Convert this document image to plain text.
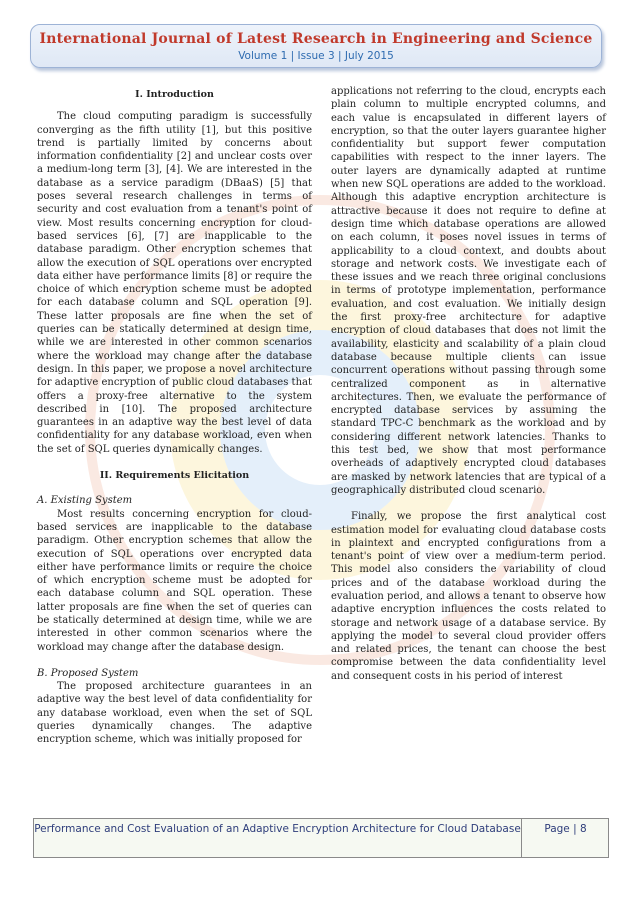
International Journal of Latest Research in Engineering and Science
Volume 1 | Issue 3 | July 2015
I. Introduction

The cloud computing paradigm is successfully converging as the fifth utility [1], but this positive trend is partially limited by concerns about information confidentiality [2] and unclear costs over a medium-long term [3], [4]. We are interested in the database as a service paradigm (DBaaS) [5] that poses several research challenges in terms of security and cost evaluation from a tenant's point of view. Most results concerning encryption for cloud-based services [6], [7] are inapplicable to the database paradigm. Other encryption schemes that allow the execution of SQL operations over encrypted data either have performance limits [8] or require the choice of which encryption scheme must be adopted for each database column and SQL operation [9]. These latter proposals are fine when the set of queries can be statically determined at design time, while we are interested in other common scenarios where the workload may change after the database design. In this paper, we propose a novel architecture for adaptive encryption of public cloud databases that offers a proxy-free alternative to the system described in [10]. The proposed architecture guarantees in an adaptive way the best level of data confidentiality for any database workload, even when the set of SQL queries dynamically changes.

II. Requirements Elicitation

A. Existing System

Most results concerning encryption for cloud-based services are inapplicable to the database paradigm. Other encryption schemes that allow the execution of SQL operations over encrypted data either have performance limits or require the choice of which encryption scheme must be adopted for each database column and SQL operation. These latter proposals are fine when the set of queries can be statically determined at design time, while we are interested in other common scenarios where the workload may change after the database design.

B. Proposed System

The proposed architecture guarantees in an adaptive way the best level of data confidentiality for any database workload, even when the set of SQL queries dynamically changes. The adaptive encryption scheme, which was initially proposed for

applications not referring to the cloud, encrypts each plain column to multiple encrypted columns, and each value is encapsulated in different layers of encryption, so that the outer layers guarantee higher confidentiality but support fewer computation capabilities with respect to the inner layers. The outer layers are dynamically adapted at runtime when new SQL operations are added to the workload. Although this adaptive encryption architecture is attractive because it does not require to define at design time which database operations are allowed on each column, it poses novel issues in terms of applicability to a cloud context, and doubts about storage and network costs. We investigate each of these issues and we reach three original conclusions in terms of prototype implementation, performance evaluation, and cost evaluation. We initially design the first proxy-free architecture for adaptive encryption of cloud databases that does not limit the availability, elasticity and scalability of a plain cloud database because multiple clients can issue concurrent operations without passing through some centralized component as in alternative architectures. Then, we evaluate the performance of encrypted database services by assuming the standard TPC-C benchmark as the workload and by considering different network latencies. Thanks to this test bed, we show that most performance overheads of adaptively encrypted cloud databases are masked by network latencies that are typical of a geographically distributed cloud scenario.

Finally, we propose the first analytical cost estimation model for evaluating cloud database costs in plaintext and encrypted configurations from a tenant's point of view over a medium-term period. This model also considers the variability of cloud prices and of the database workload during the evaluation period, and allows a tenant to observe how adaptive encryption influences the costs related to storage and network usage of a database service. By applying the model to several cloud provider offers and related prices, the tenant can choose the best compromise between the data confidentiality level and consequent costs in his period of interest

Performance and Cost Evaluation of an Adaptive Encryption Architecture for Cloud Database	Page | 8
